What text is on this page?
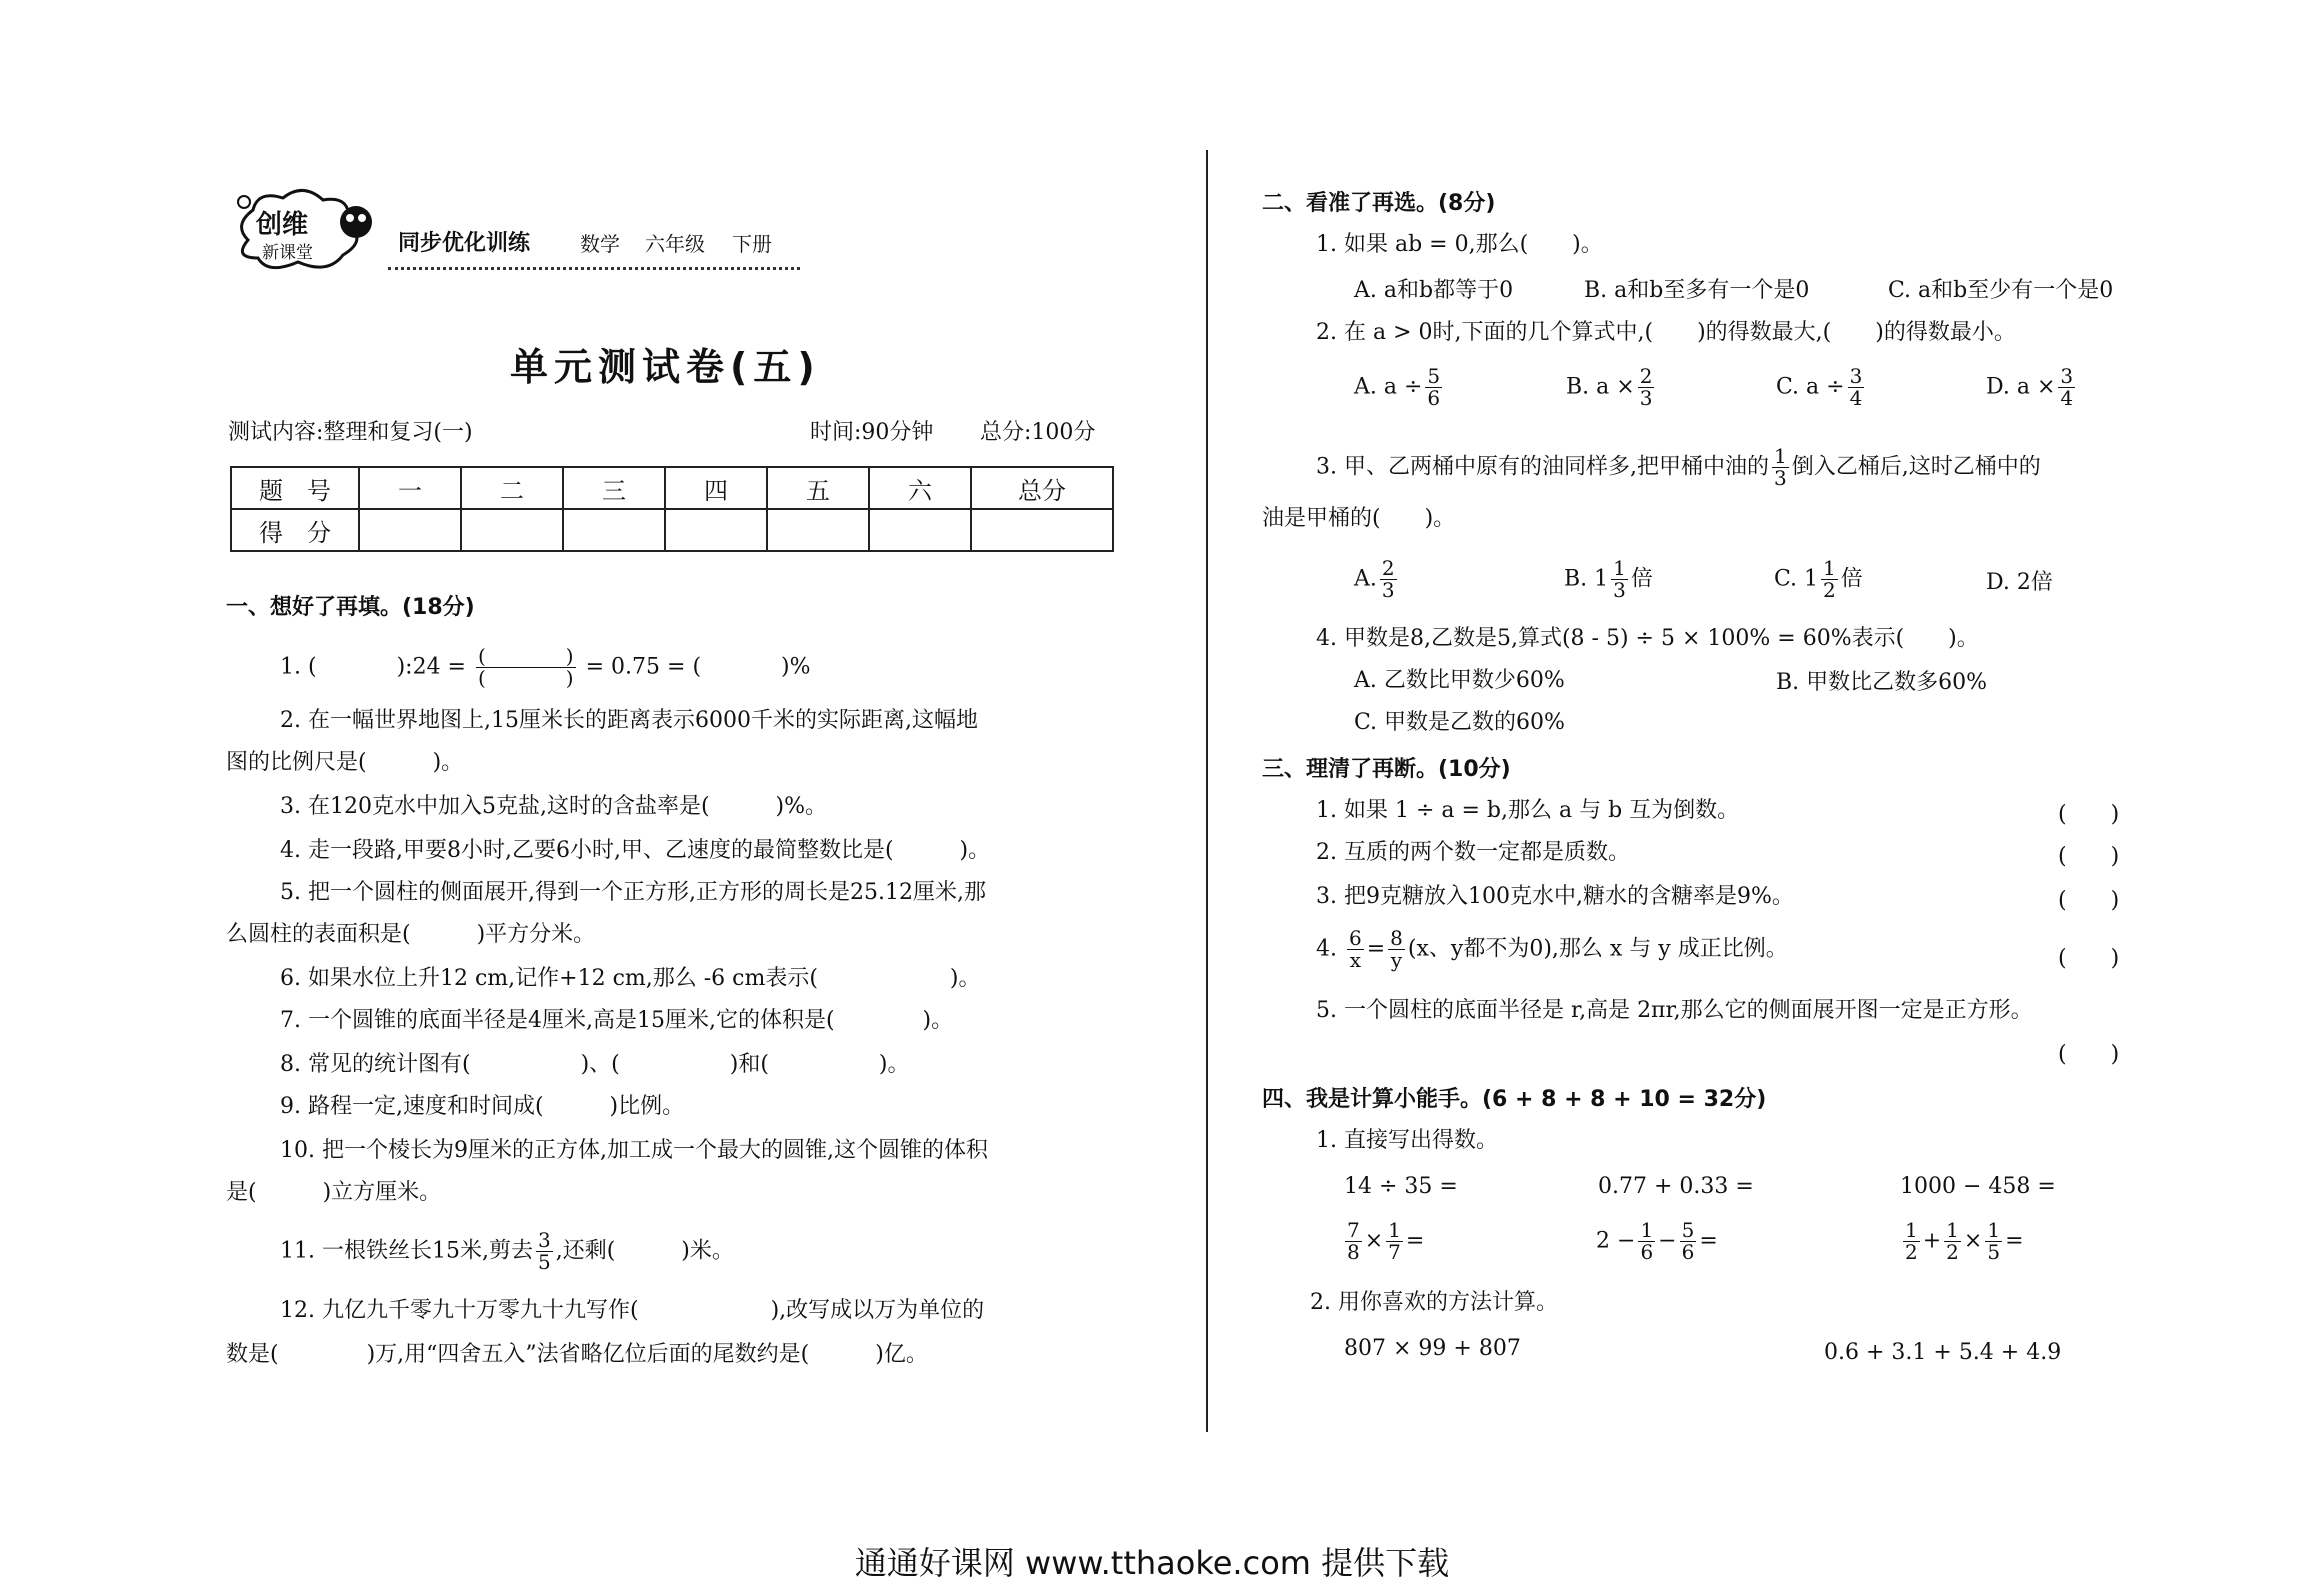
创维
新课堂	同步优化训练 数学 六年级 下册
单元测试卷(五)
测试内容:整理和复习(一)	时间:90分钟 总分:100分
题　号	一	二	三	四	五	六	总分
得　分							
一、想好了再填。(18分)
1. (	):24 = $\frac{( )}{( )} = 0.75$ = (	)%
2. 在一幅世界地图上,15厘米长的距离表示6000千米的实际距离,这幅地
图的比例尺是(　　　)。
3. 在120克水中加入5克盐,这时的含盐率是(　　　)%。
4. 走一段路,甲要8小时,乙要6小时,甲、乙速度的最简整数比是(　　　)。
5. 把一个圆柱的侧面展开,得到一个正方形,正方形的周长是25.12厘米,那
么圆柱的表面积是(　　　)平方分米。
6. 如果水位上升12 cm,记作+12 cm,那么 -6 cm表示(　　　　　　)。
7. 一个圆锥的底面半径是4厘米,高是15厘米,它的体积是(　　　　)。
8. 常见的统计图有(　　　　　)、(　　　　　)和(　　　　　)。
9. 路程一定,速度和时间成(　　　)比例。
10. 把一个棱长为9厘米的正方体,加工成一个最大的圆锥,这个圆锥的体积
是(　　　)立方厘米。
11. 一根铁丝长15米,剪去 $\frac{3}{5}$ ,还剩(　　　)米。
12. 九亿九千零九十万零九十九写作(　　　　　　),改写成以万为单位的
数是(　　　　)万,用“四舍五入”法省略亿位后面的尾数约是(　　　)亿。
二、看准了再选。(8分)
1. 如果 ab = 0,那么(　　)。
A. a和b都等于0	B. a和b至多有一个是0	C. a和b至少有一个是0
2. 在 a > 0时,下面的几个算式中,(　　)的得数最大,(　　)的得数最小。
A. $a \div \frac{5}{6}$	B. $a \times \frac{2}{3}$	C. $a \div \frac{3}{4}$	D. $a \times \frac{3}{4}$
3. 甲、乙两桶中原有的油同样多,把甲桶中油的 $\frac{1}{3}$ 倒入乙桶后,这时乙桶中的
油是甲桶的(　　)。
A. $\frac{2}{3}$	B. $1 \frac{1}{3}$ 倍	C. $1 \frac{1}{2}$ 倍	D. 2倍
4. 甲数是8,乙数是5,算式(8 - 5) ÷ 5 × 100% = 60%表示(　　)。
A. 乙数比甲数少60%	B. 甲数比乙数多60%
C. 甲数是乙数的60%
三、理清了再断。(10分)
1. 如果 1 ÷ a = b,那么 a 与 b 互为倒数。	(　　)
2. 互质的两个数一定都是质数。	(　　)
3. 把9克糖放入100克水中,糖水的含糖率是9%。	(　　)
4. $\frac{6}{x} = \frac{8}{y} (x$、y都不为0),那么 x 与 y 成正比例。	(　　)
5. 一个圆柱的底面半径是 r,高是 2πr,那么它的侧面展开图一定是正方形。
(　　)
四、我是计算小能手。(6 + 8 + 8 + 10 = 32分)
1. 直接写出得数。
14 ÷ 35 =	0.77 + 0.33 =	1000 − 458 =
$\frac{7}{8} \times \frac{1}{7}$ =	$2 - \frac{1}{6} - \frac{5}{6}$ =	$\frac{1}{2} + \frac{1}{2} \times \frac{1}{5}$ =
2. 用你喜欢的方法计算。
807 × 99 + 807	0.6 + 3.1 + 5.4 + 4.9
通通好课网 www.tthaoke.com 提供下载
